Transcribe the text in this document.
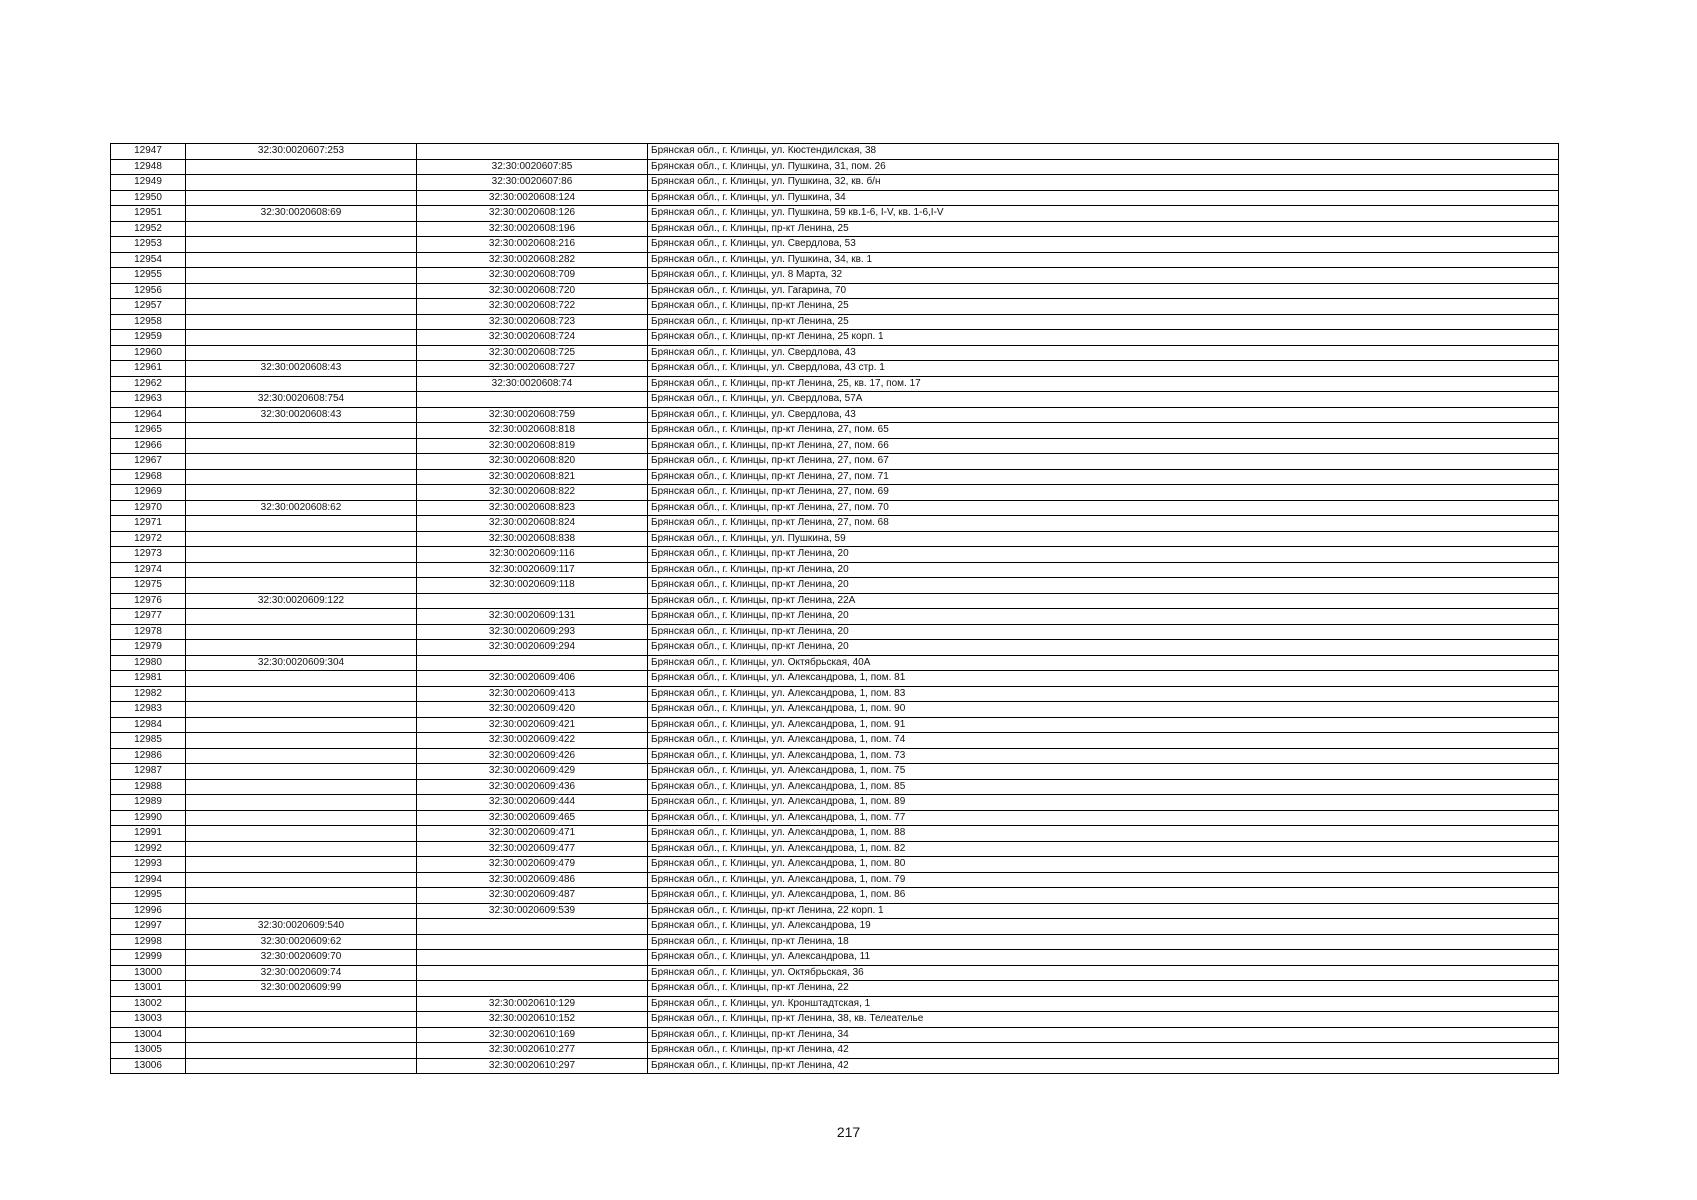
12947	32:30:0020607:253		Брянская обл., г. Клинцы, ул. Кюстендилская, 38
12948		32:30:0020607:85	Брянская обл., г. Клинцы, ул. Пушкина, 31, пом. 26
12949		32:30:0020607:86	Брянская обл., г. Клинцы, ул. Пушкина, 32, кв. б/н
12950		32:30:0020608:124	Брянская обл., г. Клинцы, ул. Пушкина, 34
12951	32:30:0020608:69	32:30:0020608:126	Брянская обл., г. Клинцы, ул. Пушкина, 59 кв.1-6, I-V, кв. 1-6,I-V
12952		32:30:0020608:196	Брянская обл., г. Клинцы, пр-кт Ленина, 25
12953		32:30:0020608:216	Брянская обл., г. Клинцы, ул. Свердлова, 53
12954		32:30:0020608:282	Брянская обл., г. Клинцы, ул. Пушкина, 34, кв. 1
12955		32:30:0020608:709	Брянская обл., г. Клинцы, ул. 8 Марта, 32
12956		32:30:0020608:720	Брянская обл., г. Клинцы, ул. Гагарина, 70
12957		32:30:0020608:722	Брянская обл., г. Клинцы, пр-кт Ленина, 25
12958		32:30:0020608:723	Брянская обл., г. Клинцы, пр-кт Ленина, 25
12959		32:30:0020608:724	Брянская обл., г. Клинцы, пр-кт Ленина, 25 корп. 1
12960		32:30:0020608:725	Брянская обл., г. Клинцы, ул. Свердлова, 43
12961	32:30:0020608:43	32:30:0020608:727	Брянская обл., г. Клинцы, ул. Свердлова, 43 стр. 1
12962		32:30:0020608:74	Брянская обл., г. Клинцы, пр-кт Ленина, 25, кв. 17, пом. 17
12963	32:30:0020608:754		Брянская обл., г. Клинцы, ул. Свердлова, 57А
12964	32:30:0020608:43	32:30:0020608:759	Брянская обл., г. Клинцы, ул. Свердлова, 43
12965		32:30:0020608:818	Брянская обл., г. Клинцы, пр-кт Ленина, 27, пом. 65
12966		32:30:0020608:819	Брянская обл., г. Клинцы, пр-кт Ленина, 27, пом. 66
12967		32:30:0020608:820	Брянская обл., г. Клинцы, пр-кт Ленина, 27, пом. 67
12968		32:30:0020608:821	Брянская обл., г. Клинцы, пр-кт Ленина, 27, пом. 71
12969		32:30:0020608:822	Брянская обл., г. Клинцы, пр-кт Ленина, 27, пом. 69
12970	32:30:0020608:62	32:30:0020608:823	Брянская обл., г. Клинцы, пр-кт Ленина, 27, пом. 70
12971		32:30:0020608:824	Брянская обл., г. Клинцы, пр-кт Ленина, 27, пом. 68
12972		32:30:0020608:838	Брянская обл., г. Клинцы, ул. Пушкина, 59
12973		32:30:0020609:116	Брянская обл., г. Клинцы, пр-кт Ленина, 20
12974		32:30:0020609:117	Брянская обл., г. Клинцы, пр-кт Ленина, 20
12975		32:30:0020609:118	Брянская обл., г. Клинцы, пр-кт Ленина, 20
12976	32:30:0020609:122		Брянская обл., г. Клинцы, пр-кт Ленина, 22А
12977		32:30:0020609:131	Брянская обл., г. Клинцы, пр-кт Ленина, 20
12978		32:30:0020609:293	Брянская обл., г. Клинцы, пр-кт Ленина, 20
12979		32:30:0020609:294	Брянская обл., г. Клинцы, пр-кт Ленина, 20
12980	32:30:0020609:304		Брянская обл., г. Клинцы, ул. Октябрьская, 40А
12981		32:30:0020609:406	Брянская обл., г. Клинцы, ул. Александрова, 1, пом. 81
12982		32:30:0020609:413	Брянская обл., г. Клинцы, ул. Александрова, 1, пом. 83
12983		32:30:0020609:420	Брянская обл., г. Клинцы, ул. Александрова, 1, пом. 90
12984		32:30:0020609:421	Брянская обл., г. Клинцы, ул. Александрова, 1, пом. 91
12985		32:30:0020609:422	Брянская обл., г. Клинцы, ул. Александрова, 1, пом. 74
12986		32:30:0020609:426	Брянская обл., г. Клинцы, ул. Александрова, 1, пом. 73
12987		32:30:0020609:429	Брянская обл., г. Клинцы, ул. Александрова, 1, пом. 75
12988		32:30:0020609:436	Брянская обл., г. Клинцы, ул. Александрова, 1, пом. 85
12989		32:30:0020609:444	Брянская обл., г. Клинцы, ул. Александрова, 1, пом. 89
12990		32:30:0020609:465	Брянская обл., г. Клинцы, ул. Александрова, 1, пом. 77
12991		32:30:0020609:471	Брянская обл., г. Клинцы, ул. Александрова, 1, пом. 88
12992		32:30:0020609:477	Брянская обл., г. Клинцы, ул. Александрова, 1, пом. 82
12993		32:30:0020609:479	Брянская обл., г. Клинцы, ул. Александрова, 1, пом. 80
12994		32:30:0020609:486	Брянская обл., г. Клинцы, ул. Александрова, 1, пом. 79
12995		32:30:0020609:487	Брянская обл., г. Клинцы, ул. Александрова, 1, пом. 86
12996		32:30:0020609:539	Брянская обл., г. Клинцы, пр-кт Ленина, 22 корп. 1
12997	32:30:0020609:540		Брянская обл., г. Клинцы, ул. Александрова, 19
12998	32:30:0020609:62		Брянская обл., г. Клинцы, пр-кт Ленина, 18
12999	32:30:0020609:70		Брянская обл., г. Клинцы, ул. Александрова, 11
13000	32:30:0020609:74		Брянская обл., г. Клинцы, ул. Октябрьская, 36
13001	32:30:0020609:99		Брянская обл., г. Клинцы, пр-кт Ленина, 22
13002		32:30:0020610:129	Брянская обл., г. Клинцы, ул. Кронштадтская, 1
13003		32:30:0020610:152	Брянская обл., г. Клинцы, пр-кт Ленина, 38, кв. Телеателье
13004		32:30:0020610:169	Брянская обл., г. Клинцы, пр-кт Ленина, 34
13005		32:30:0020610:277	Брянская обл., г. Клинцы, пр-кт Ленина, 42
13006		32:30:0020610:297	Брянская обл., г. Клинцы, пр-кт Ленина, 42
217
